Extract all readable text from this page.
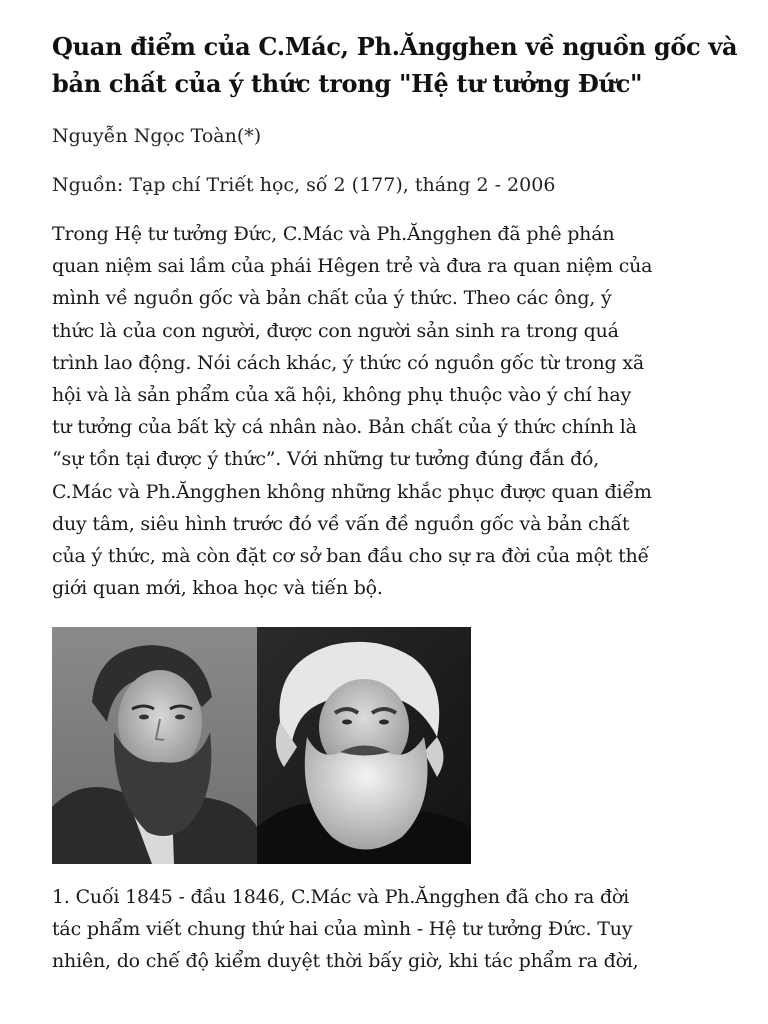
Quan điểm của C.Mác, Ph.Ăngghen về nguồn gốc và
bản chất của ý thức trong "Hệ tư tưởng Đức"

Nguyễn Ngọc Toàn(*)

Nguồn: Tạp chí Triết học, số 2 (177), tháng 2 - 2006

Trong Hệ tư tưởng Đức, C.Mác và Ph.Ăngghen đã phê phán
quan niệm sai lầm của phái Hêgen trẻ và đưa ra quan niệm của
mình về nguồn gốc và bản chất của ý thức. Theo các ông, ý
thức là của con người, được con người sản sinh ra trong quá
trình lao động. Nói cách khác, ý thức có nguồn gốc từ trong xã
hội và là sản phẩm của xã hội, không phụ thuộc vào ý chí hay
tư tưởng của bất kỳ cá nhân nào. Bản chất của ý thức chính là
“sự tồn tại được ý thức”. Với những tư tưởng đúng đắn đó,
C.Mác và Ph.Ăngghen không những khắc phục được quan điểm
duy tâm, siêu hình trước đó về vấn đề nguồn gốc và bản chất
của ý thức, mà còn đặt cơ sở ban đầu cho sự ra đời của một thế
giới quan mới, khoa học và tiến bộ.

1. Cuối 1845 - đầu 1846, C.Mác và Ph.Ăngghen đã cho ra đời
tác phẩm viết chung thứ hai của mình - Hệ tư tưởng Đức. Tuy
nhiên, do chế độ kiểm duyệt thời bấy giờ, khi tác phẩm ra đời,
